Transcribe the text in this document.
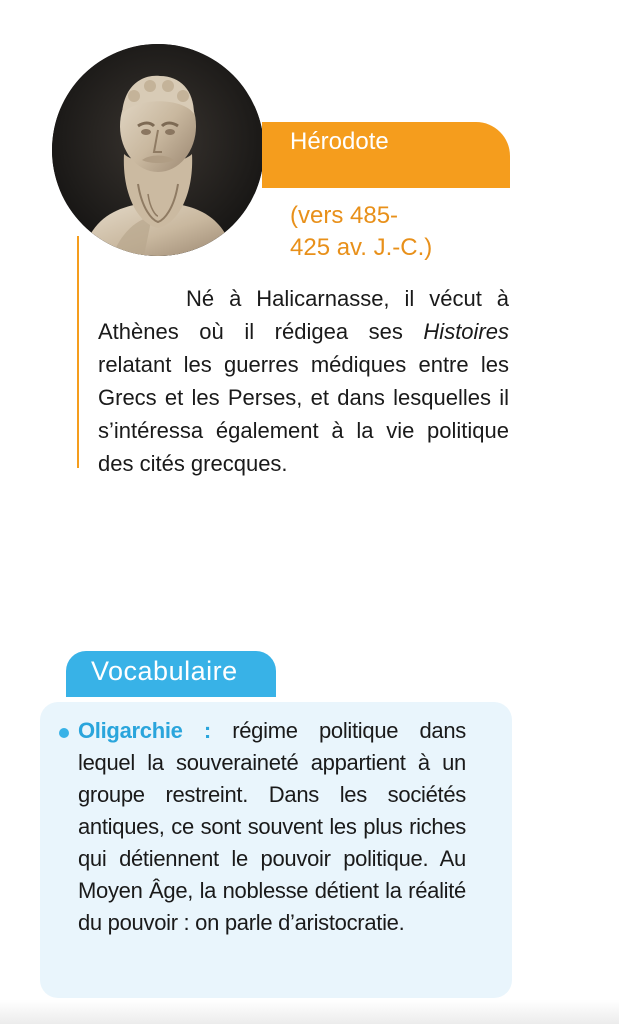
Hérodote
(vers 485-
425 av. J.-C.)
Né à Halicarnasse, il vécut à Athènes où il rédigea ses Histoires relatant les guerres médiques entre les Grecs et les Perses, et dans lesquelles il s’intéressa également à la vie politique des cités grecques.
Vocabulaire
Oligarchie : régime politique dans lequel la souveraineté appartient à un groupe restreint. Dans les sociétés antiques, ce sont souvent les plus riches qui détiennent le pouvoir politique. Au Moyen Âge, la noblesse détient la réalité du pouvoir : on parle d’aristocratie.
